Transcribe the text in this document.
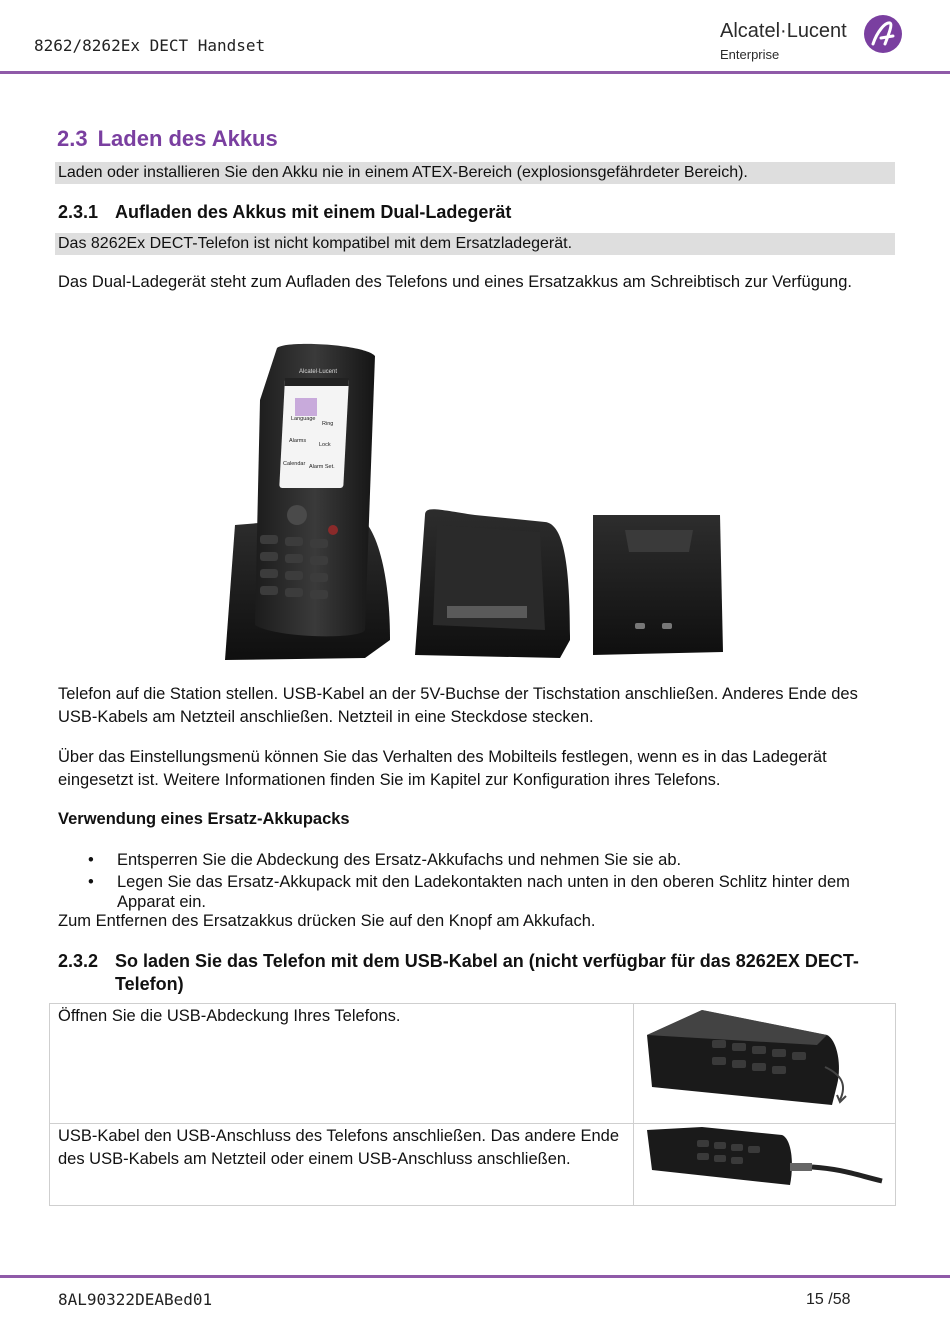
8262/8262Ex DECT Handset
Alcatel·Lucent
Enterprise
2.3 Laden des Akkus
Laden oder installieren Sie den Akku nie in einem ATEX-Bereich (explosionsgefährdeter Bereich).
2.3.1 Aufladen des Akkus mit einem Dual-Ladegerät
Das 8262Ex DECT-Telefon ist nicht kompatibel mit dem Ersatzladegerät.
Das Dual-Ladegerät steht zum Aufladen des Telefons und eines Ersatzakkus am Schreibtisch zur Verfügung.
Language
Ring
Alarms
Lock
Calendar Alarm Set.
Alcatel·Lucent
Telefon auf die Station stellen. USB-Kabel an der 5V-Buchse der Tischstation anschließen. Anderes Ende des USB-Kabels am Netzteil anschließen. Netzteil in eine Steckdose stecken.
Über das Einstellungsmenü können Sie das Verhalten des Mobilteils festlegen, wenn es in das Ladegerät eingesetzt ist. Weitere Informationen finden Sie im Kapitel zur Konfiguration ihres Telefons.
Verwendung eines Ersatz-Akkupacks
• Entsperren Sie die Abdeckung des Ersatz-Akkufachs und nehmen Sie sie ab.
• Legen Sie das Ersatz-Akkupack mit den Ladekontakten nach unten in den oberen Schlitz hinter dem Apparat ein.
Zum Entfernen des Ersatzakkus drücken Sie auf den Knopf am Akkufach.
2.3.2 So laden Sie das Telefon mit dem USB-Kabel an (nicht verfügbar für das 8262EX DECT-Telefon)
Öffnen Sie die USB-Abdeckung Ihres Telefons.	
USB-Kabel den USB-Anschluss des Telefons anschließen. Das andere Ende des USB-Kabels am Netzteil oder einem USB-Anschluss anschließen.	
8AL90322DEABed01	15 /58
